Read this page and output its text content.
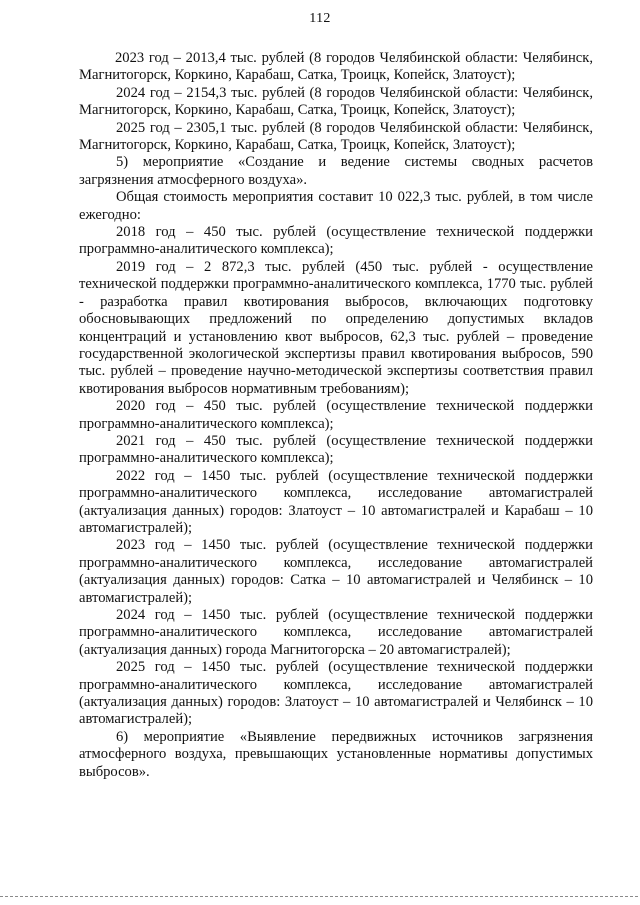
112

2023 год – 2013,4 тыс. рублей (8 городов Челябинской области: Челябинск, Магнитогорск, Коркино, Карабаш, Сатка, Троицк, Копейск, Златоуст);

2024 год – 2154,3 тыс. рублей (8 городов Челябинской области: Челябинск, Магнитогорск, Коркино, Карабаш, Сатка, Троицк, Копейск, Златоуст);

2025 год – 2305,1 тыс. рублей (8 городов Челябинской области: Челябинск, Магнитогорск, Коркино, Карабаш, Сатка, Троицк, Копейск, Златоуст);

5) мероприятие «Создание и ведение системы сводных расчетов загрязнения атмосферного воздуха».

Общая стоимость мероприятия составит 10 022,3 тыс. рублей, в том числе ежегодно:

2018 год – 450 тыс. рублей (осуществление технической поддержки программно-аналитического комплекса);

2019 год – 2 872,3 тыс. рублей (450 тыс. рублей - осуществление технической поддержки программно-аналитического комплекса, 1770 тыс. рублей - разработка правил квотирования выбросов, включающих подготовку обосновывающих предложений по определению допустимых вкладов концентраций и установлению квот выбросов, 62,3 тыс. рублей – проведение государственной экологической экспертизы правил квотирования выбросов, 590 тыс. рублей – проведение научно-методической экспертизы соответствия правил квотирования выбросов нормативным требованиям);

2020 год – 450 тыс. рублей (осуществление технической поддержки программно-аналитического комплекса);

2021 год – 450 тыс. рублей (осуществление технической поддержки программно-аналитического комплекса);

2022 год – 1450 тыс. рублей (осуществление технической поддержки программно-аналитического комплекса, исследование автомагистралей (актуализация данных) городов: Златоуст – 10 автомагистралей и Карабаш – 10 автомагистралей);

2023 год – 1450 тыс. рублей (осуществление технической поддержки программно-аналитического комплекса, исследование автомагистралей (актуализация данных) городов: Сатка – 10 автомагистралей и Челябинск – 10 автомагистралей);

2024 год – 1450 тыс. рублей (осуществление технической поддержки программно-аналитического комплекса, исследование автомагистралей (актуализация данных) города Магнитогорска – 20 автомагистралей);

2025 год – 1450 тыс. рублей (осуществление технической поддержки программно-аналитического комплекса, исследование автомагистралей (актуализация данных) городов: Златоуст – 10 автомагистралей и Челябинск – 10 автомагистралей);

6) мероприятие «Выявление передвижных источников загрязнения атмосферного воздуха, превышающих установленные нормативы допустимых выбросов».
